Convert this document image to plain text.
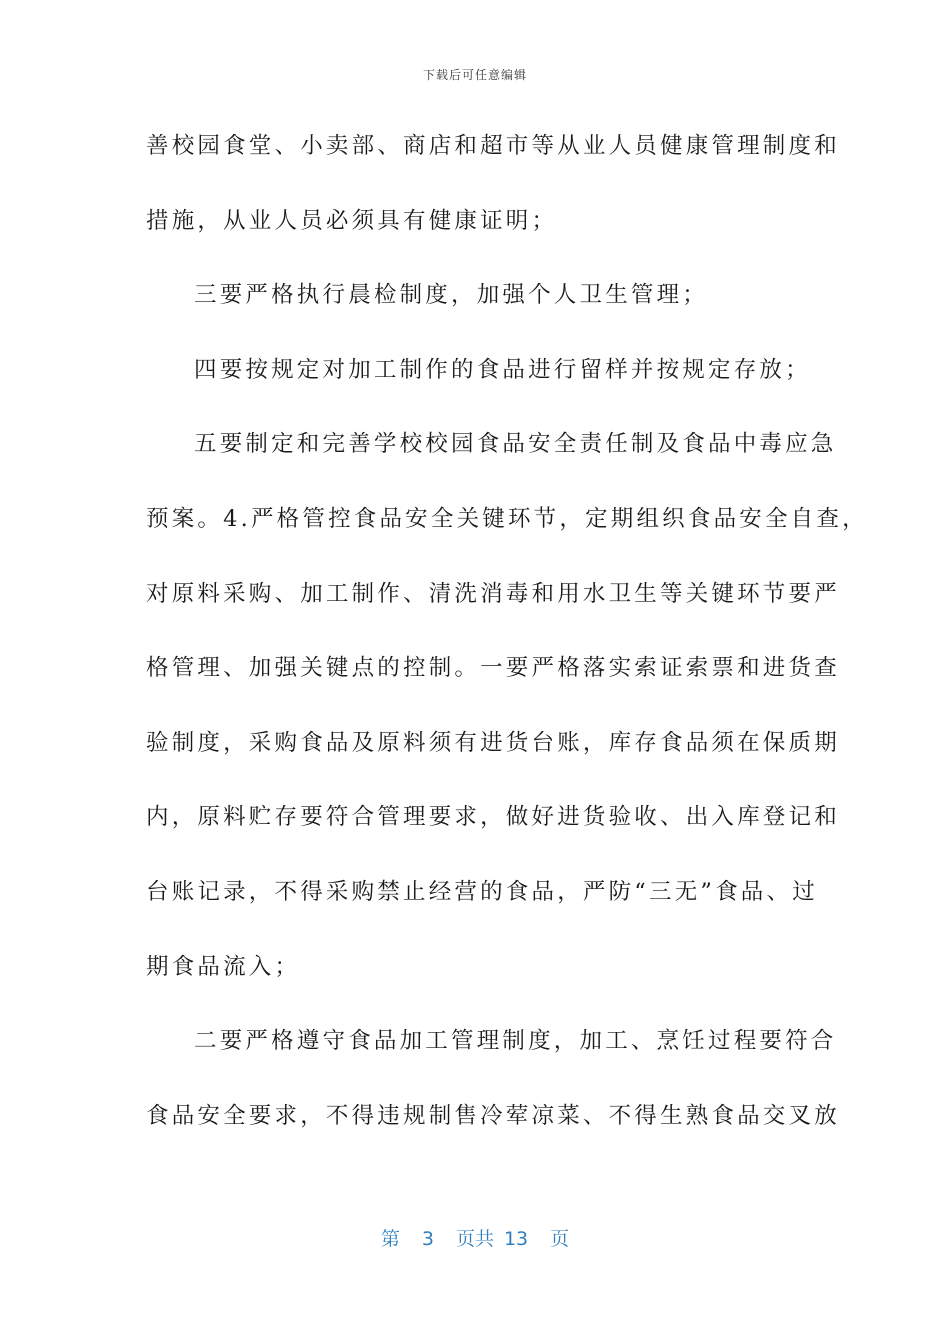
下载后可任意编辑
善校园食堂、小卖部、商店和超市等从业人员健康管理制度和
措施，从业人员必须具有健康证明；
三要严格执行晨检制度，加强个人卫生管理；
四要按规定对加工制作的食品进行留样并按规定存放；
五要制定和完善学校校园食品安全责任制及食品中毒应急
预案。4.严格管控食品安全关键环节，定期组织食品安全自查，
对原料采购、加工制作、清洗消毒和用水卫生等关键环节要严
格管理、加强关键点的控制。一要严格落实索证索票和进货查
验制度，采购食品及原料须有进货台账，库存食品须在保质期
内，原料贮存要符合管理要求，做好进货验收、出入库登记和
台账记录，不得采购禁止经营的食品，严防“三无”食品、过
期食品流入；
二要严格遵守食品加工管理制度，加工、烹饪过程要符合
食品安全要求，不得违规制售冷荤凉菜、不得生熟食品交叉放
第 3 页共 13 页
